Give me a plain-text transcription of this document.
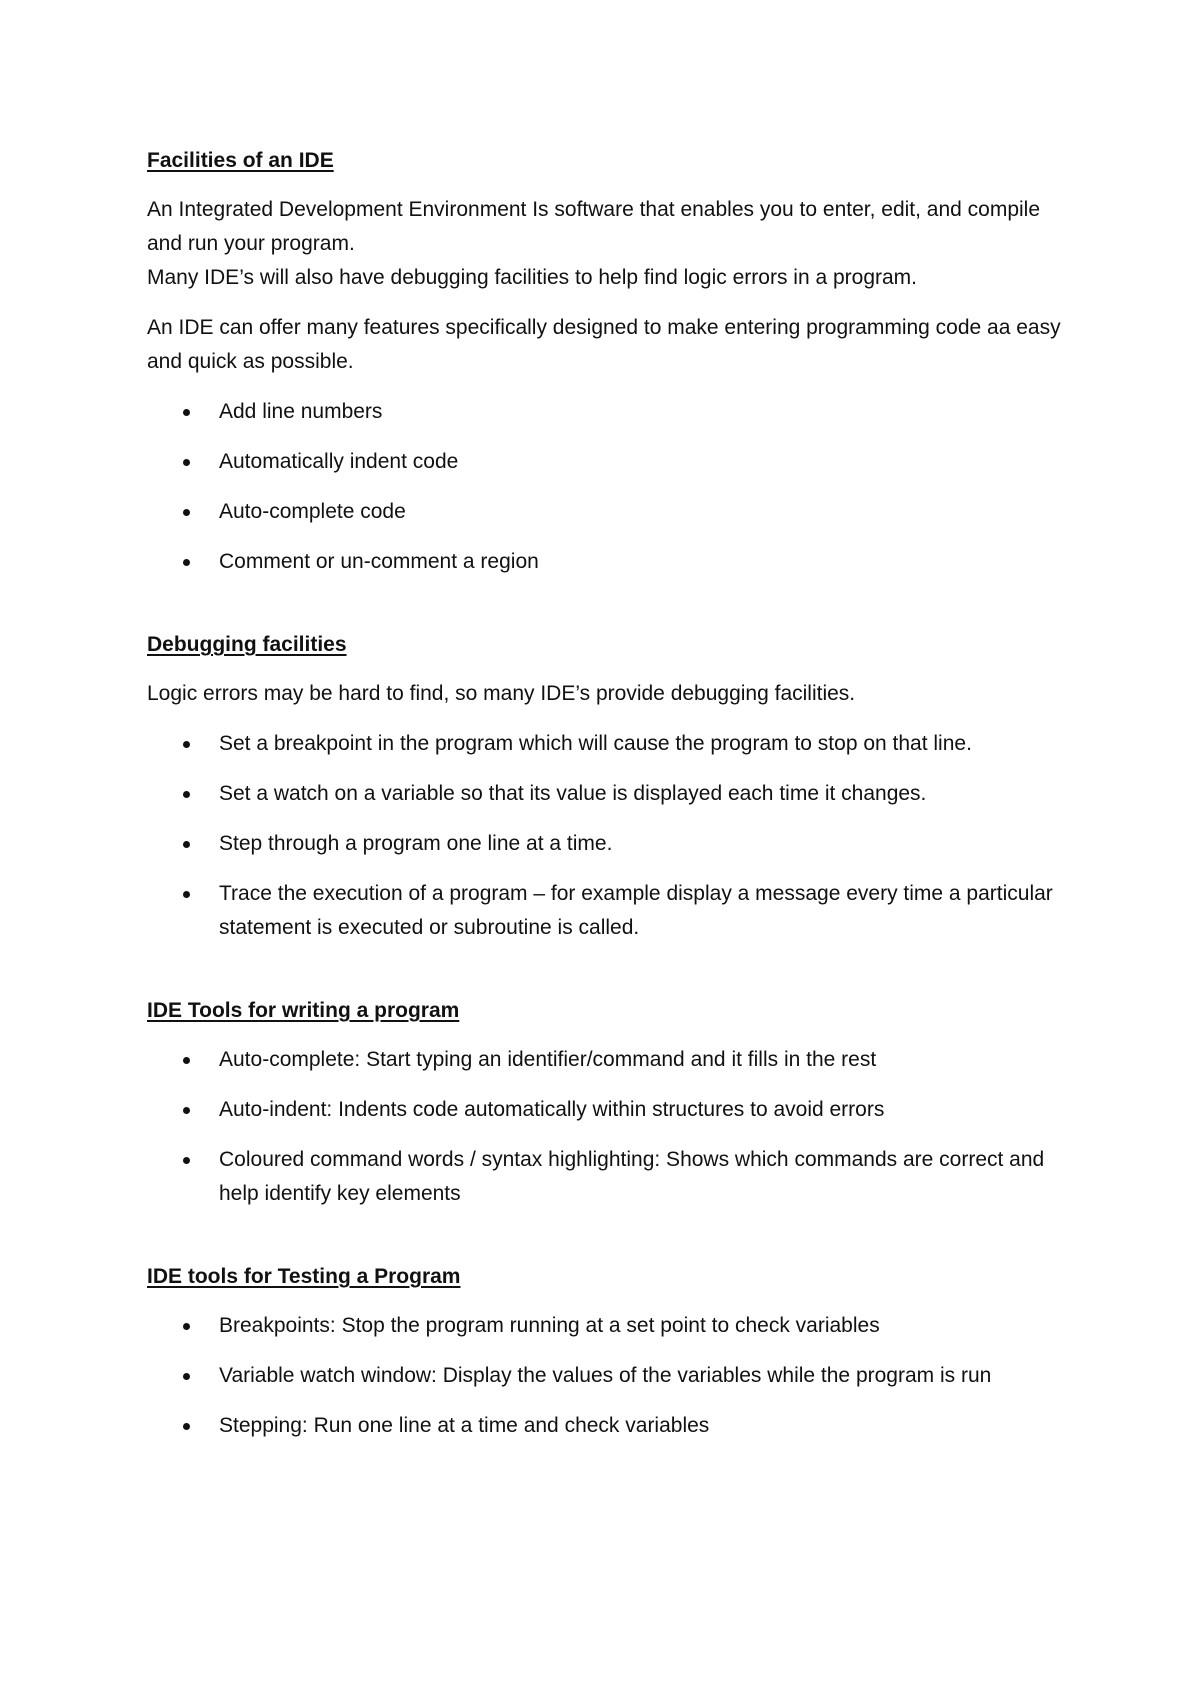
Facilities of an IDE
An Integrated Development Environment Is software that enables you to enter, edit, and compile and run your program.
Many IDE’s will also have debugging facilities to help find logic errors in a program.
An IDE can offer many features specifically designed to make entering programming code aa easy and quick as possible.
Add line numbers
Automatically indent code
Auto-complete code
Comment or un-comment a region
Debugging facilities
Logic errors may be hard to find, so many IDE’s provide debugging facilities.
Set a breakpoint in the program which will cause the program to stop on that line.
Set a watch on a variable so that its value is displayed each time it changes.
Step through a program one line at a time.
Trace the execution of a program – for example display a message every time a particular statement is executed or subroutine is called.
IDE Tools for writing a program
Auto-complete: Start typing an identifier/command and it fills in the rest
Auto-indent: Indents code automatically within structures to avoid errors
Coloured command words / syntax highlighting: Shows which commands are correct and help identify key elements
IDE tools for Testing a Program
Breakpoints: Stop the program running at a set point to check variables
Variable watch window: Display the values of the variables while the program is run
Stepping: Run one line at a time and check variables
